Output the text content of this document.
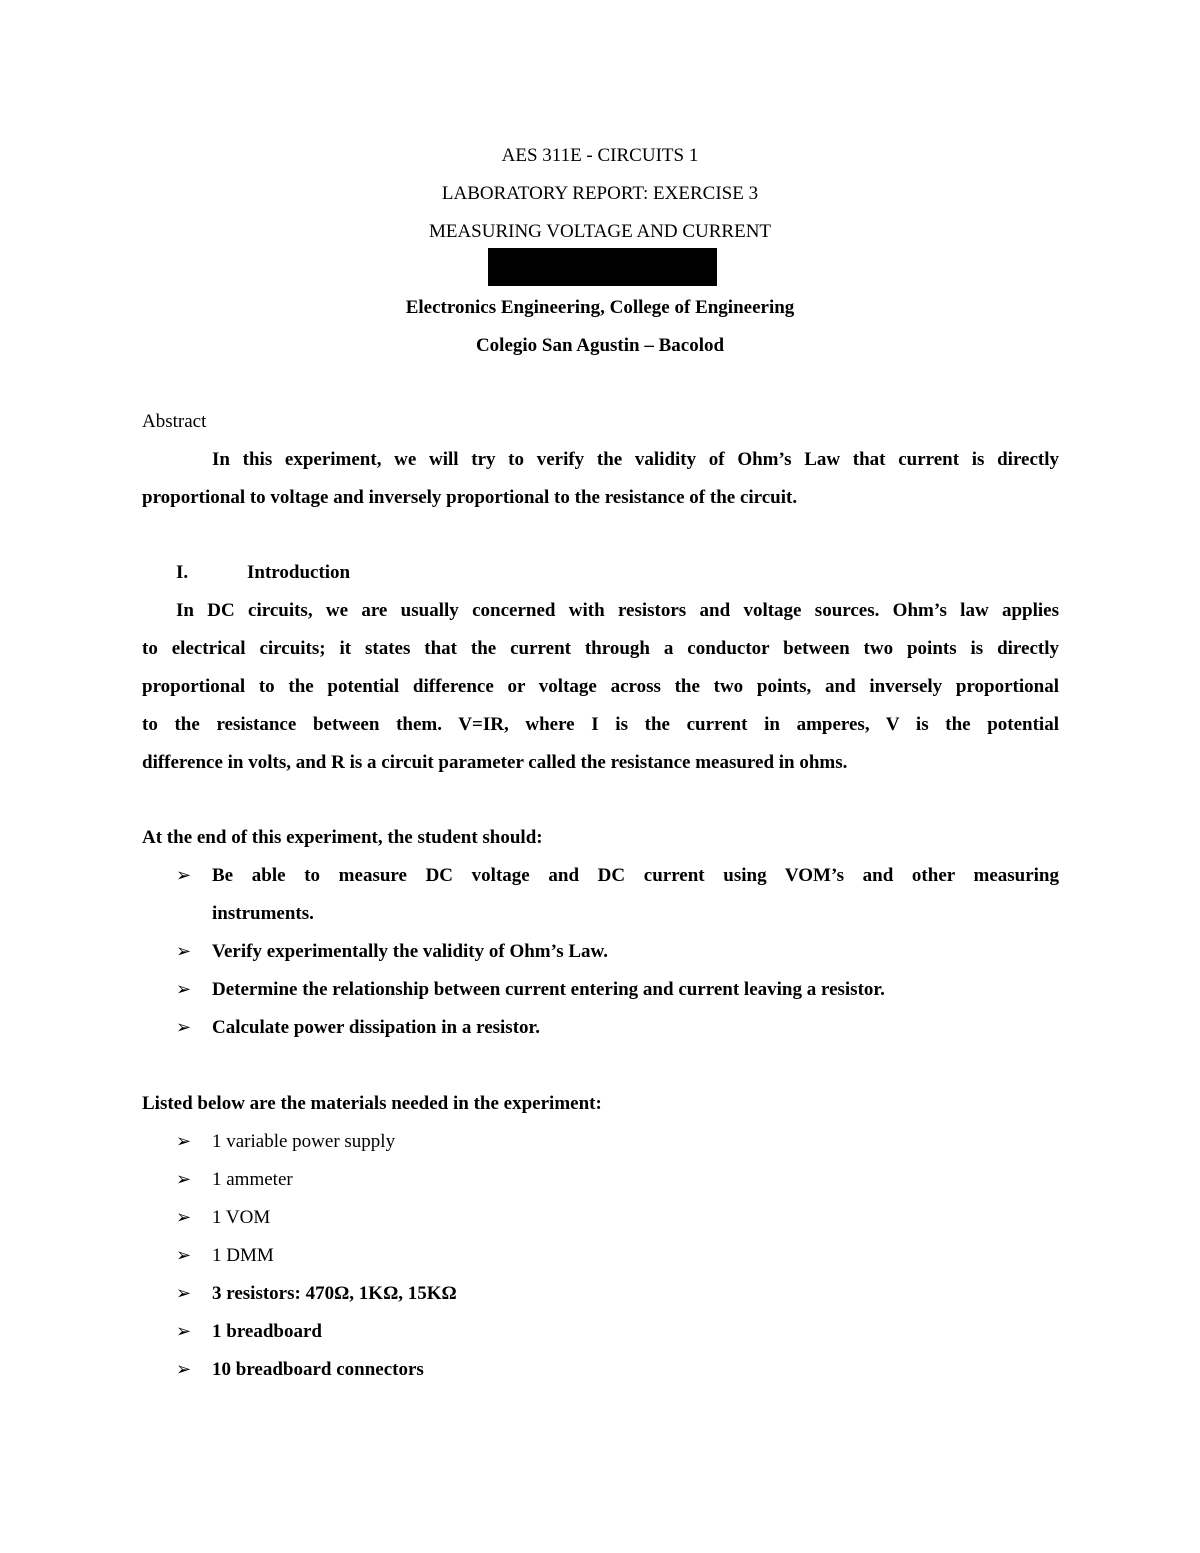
AES 311E - CIRCUITS 1
LABORATORY REPORT: EXERCISE 3
MEASURING VOLTAGE AND CURRENT
Electronics Engineering, College of Engineering
Colegio San Agustin – Bacolod
Abstract
In this experiment, we will try to verify the validity of Ohm’s Law that current is directly
proportional to voltage and inversely proportional to the resistance of the circuit.
I.	Introduction
In DC circuits, we are usually concerned with resistors and voltage sources. Ohm’s law applies
to electrical circuits; it states that the current through a conductor between two points is directly
proportional to the potential difference or voltage across the two points, and inversely proportional
to the resistance between them. V=IR, where I is the current in amperes, V is the potential
difference in volts, and R is a circuit parameter called the resistance measured in ohms.
At the end of this experiment, the student should:
➢ Be able to measure DC voltage and DC current using VOM’s and other measuring
instruments.
➢ Verify experimentally the validity of Ohm’s Law.
➢ Determine the relationship between current entering and current leaving a resistor.
➢ Calculate power dissipation in a resistor.
Listed below are the materials needed in the experiment:
➢ 1 variable power supply
➢ 1 ammeter
➢ 1 VOM
➢ 1 DMM
➢ 3 resistors: 470Ω, 1KΩ, 15KΩ
➢ 1 breadboard
➢ 10 breadboard connectors
